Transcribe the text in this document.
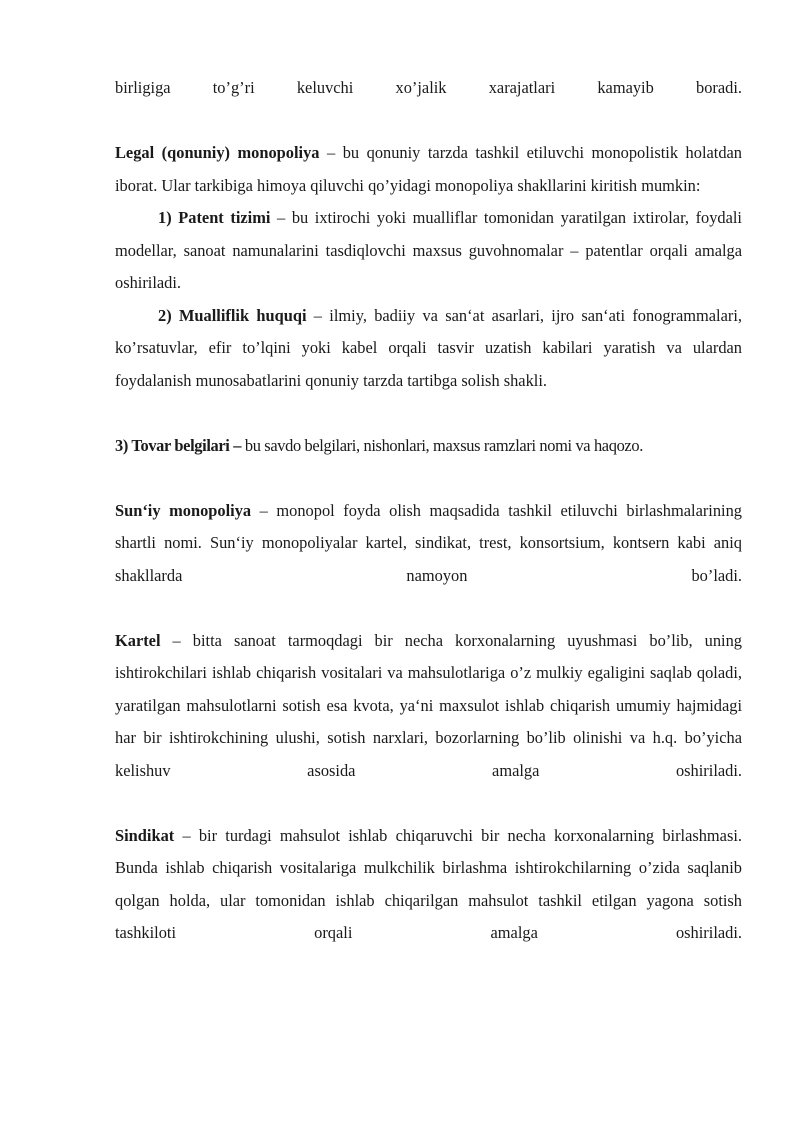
birligiga to’g’ri keluvchi xo’jalik xarajatlari kamayib boradi.

Legal (qonuniy) monopoliya – bu qonuniy tarzda tashkil etiluvchi monopolistik holatdan iborat. Ular tarkibiga himoya qiluvchi qo’yidagi monopoliya shakllarini kiritish mumkin:

1) Patent tizimi – bu ixtirochi yoki mualliflar tomonidan yaratilgan ixtirolar, foydali modellar, sanoat namunalarini tasdiqlovchi maxsus guvohnomalar – patentlar orqali amalga oshiriladi.

2) Mualliflik huquqi – ilmiy, badiiy va san‘at asarlari, ijro san‘ati fonogrammalari, ko’rsatuvlar, efir to’lqini yoki kabel orqali tasvir uzatish kabilari yaratish va ulardan foydalanish munosabatlarini qonuniy tarzda tartibga solish shakli.

3) Tovar belgilari – bu savdo belgilari, nishonlari, maxsus ramzlari nomi va haqozo.

Sun‘iy monopoliya – monopol foyda olish maqsadida tashkil etiluvchi birlashmalarining shartli nomi. Sun‘iy monopoliyalar kartel, sindikat, trest, konsortsium, kontsern kabi aniq shakllarda namoyon bo’ladi.

Kartel – bitta sanoat tarmoqdagi bir necha korxonalarning uyushmasi bo’lib, uning ishtirokchilari ishlab chiqarish vositalari va mahsulotlariga o’z mulkiy egaligini saqlab qoladi, yaratilgan mahsulotlarni sotish esa kvota, ya‘ni maxsulot ishlab chiqarish umumiy hajmidagi har bir ishtirokchining ulushi, sotish narxlari, bozorlarning bo’lib olinishi va h.q. bo’yicha kelishuv asosida amalga oshiriladi.

Sindikat – bir turdagi mahsulot ishlab chiqaruvchi bir necha korxonalarning birlashmasi. Bunda ishlab chiqarish vositalariga mulkchilik birlashma ishtirokchilarning o’zida saqlanib qolgan holda, ular tomonidan ishlab chiqarilgan mahsulot tashkil etilgan yagona sotish tashkiloti orqali amalga oshiriladi.
